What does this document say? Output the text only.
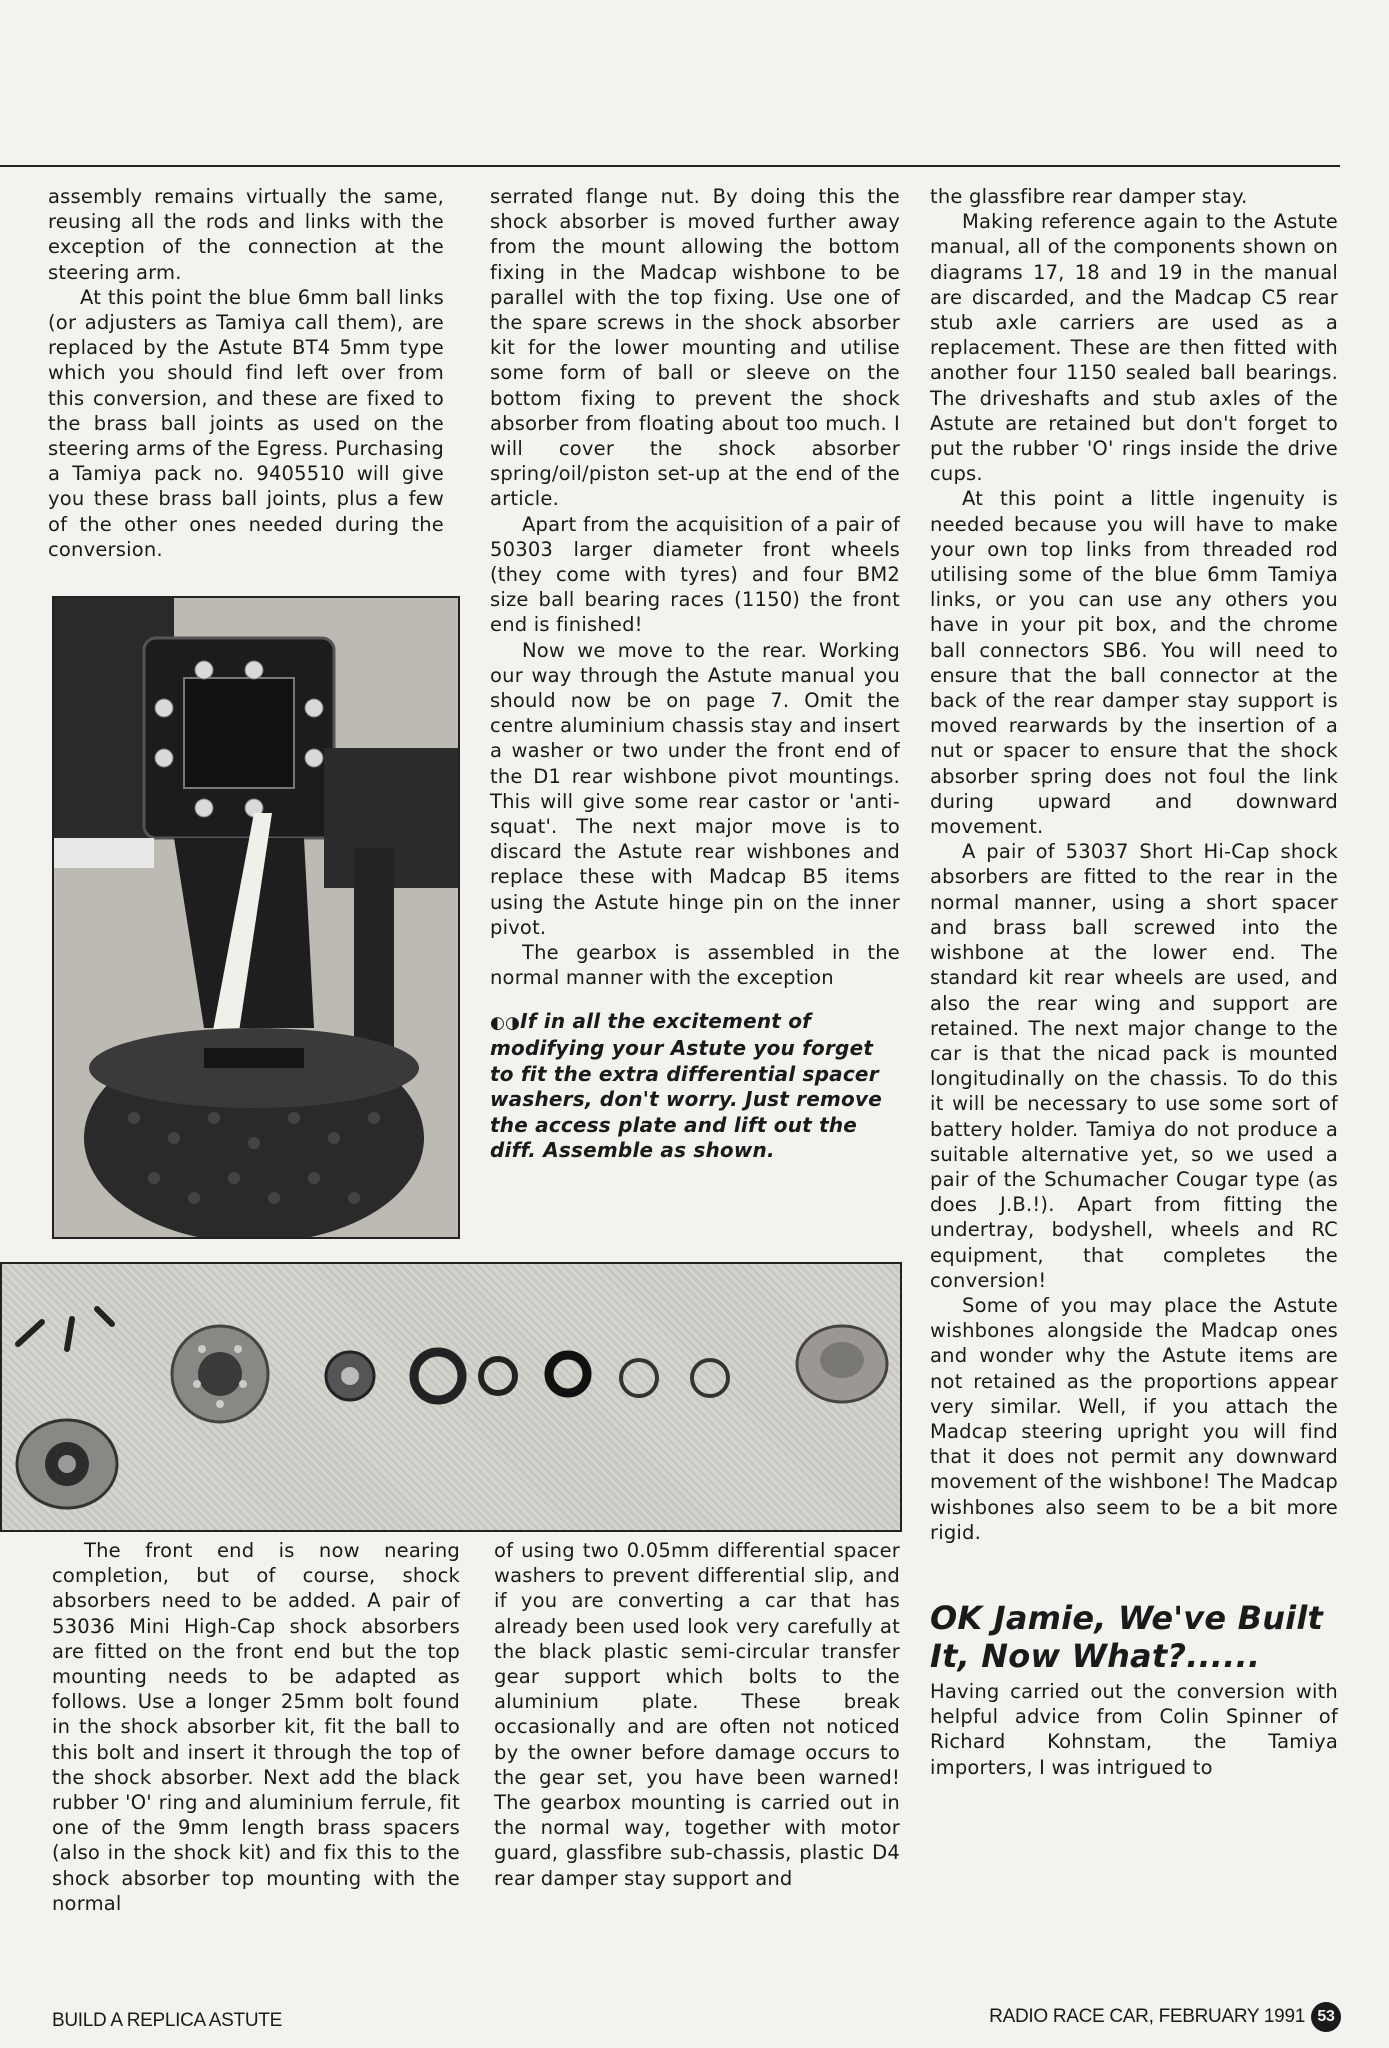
assembly remains virtually the same, reusing all the rods and links with the exception of the connection at the steering arm.

At this point the blue 6mm ball links (or adjusters as Tamiya call them), are replaced by the Astute BT4 5mm type which you should find left over from this conversion, and these are fixed to the brass ball joints as used on the steering arms of the Egress. Purchasing a Tamiya pack no. 9405510 will give you these brass ball joints, plus a few of the other ones needed during the conversion.

serrated flange nut. By doing this the shock absorber is moved further away from the mount allowing the bottom fixing in the Madcap wishbone to be parallel with the top fixing. Use one of the spare screws in the shock absorber kit for the lower mounting and utilise some form of ball or sleeve on the bottom fixing to prevent the shock absorber from floating about too much. I will cover the shock absorber spring/oil/piston set-up at the end of the article.

Apart from the acquisition of a pair of 50303 larger diameter front wheels (they come with tyres) and four BM2 size ball bearing races (1150) the front end is finished!

Now we move to the rear. Working our way through the Astute manual you should now be on page 7. Omit the centre aluminium chassis stay and insert a washer or two under the front end of the D1 rear wishbone pivot mountings. This will give some rear castor or 'anti-squat'. The next major move is to discard the Astute rear wishbones and replace these with Madcap B5 items using the Astute hinge pin on the inner pivot.

The gearbox is assembled in the normal manner with the exception

◐◑If in all the excitement of modifying your Astute you forget to fit the extra differential spacer washers, don't worry. Just remove the access plate and lift out the diff. Assemble as shown.

the glassfibre rear damper stay.

Making reference again to the Astute manual, all of the components shown on diagrams 17, 18 and 19 in the manual are discarded, and the Madcap C5 rear stub axle carriers are used as a replacement. These are then fitted with another four 1150 sealed ball bearings. The driveshafts and stub axles of the Astute are retained but don't forget to put the rubber 'O' rings inside the drive cups.

At this point a little ingenuity is needed because you will have to make your own top links from threaded rod utilising some of the blue 6mm Tamiya links, or you can use any others you have in your pit box, and the chrome ball connectors SB6. You will need to ensure that the ball connector at the back of the rear damper stay support is moved rearwards by the insertion of a nut or spacer to ensure that the shock absorber spring does not foul the link during upward and downward movement.

A pair of 53037 Short Hi-Cap shock absorbers are fitted to the rear in the normal manner, using a short spacer and brass ball screwed into the wishbone at the lower end. The standard kit rear wheels are used, and also the rear wing and support are retained. The next major change to the car is that the nicad pack is mounted longitudinally on the chassis. To do this it will be necessary to use some sort of battery holder. Tamiya do not produce a suitable alternative yet, so we used a pair of the Schumacher Cougar type (as does J.B.!). Apart from fitting the undertray, bodyshell, wheels and RC equipment, that completes the conversion!

Some of you may place the Astute wishbones alongside the Madcap ones and wonder why the Astute items are not retained as the proportions appear very similar. Well, if you attach the Madcap steering upright you will find that it does not permit any downward movement of the wishbone! The Madcap wishbones also seem to be a bit more rigid.

OK Jamie, We've Built It, Now What?......

Having carried out the conversion with helpful advice from Colin Spinner of Richard Kohnstam, the Tamiya importers, I was intrigued to

The front end is now nearing completion, but of course, shock absorbers need to be added. A pair of 53036 Mini High-Cap shock absorbers are fitted on the front end but the top mounting needs to be adapted as follows. Use a longer 25mm bolt found in the shock absorber kit, fit the ball to this bolt and insert it through the top of the shock absorber. Next add the black rubber 'O' ring and aluminium ferrule, fit one of the 9mm length brass spacers (also in the shock kit) and fix this to the shock absorber top mounting with the normal

of using two 0.05mm differential spacer washers to prevent differential slip, and if you are converting a car that has already been used look very carefully at the black plastic semi-circular transfer gear support which bolts to the aluminium plate. These break occasionally and are often not noticed by the owner before damage occurs to the gear set, you have been warned! The gearbox mounting is carried out in the normal way, together with motor guard, glassfibre sub-chassis, plastic D4 rear damper stay support and

BUILD A REPLICA ASTUTE	RADIO RACE CAR, FEBRUARY 1991 53
